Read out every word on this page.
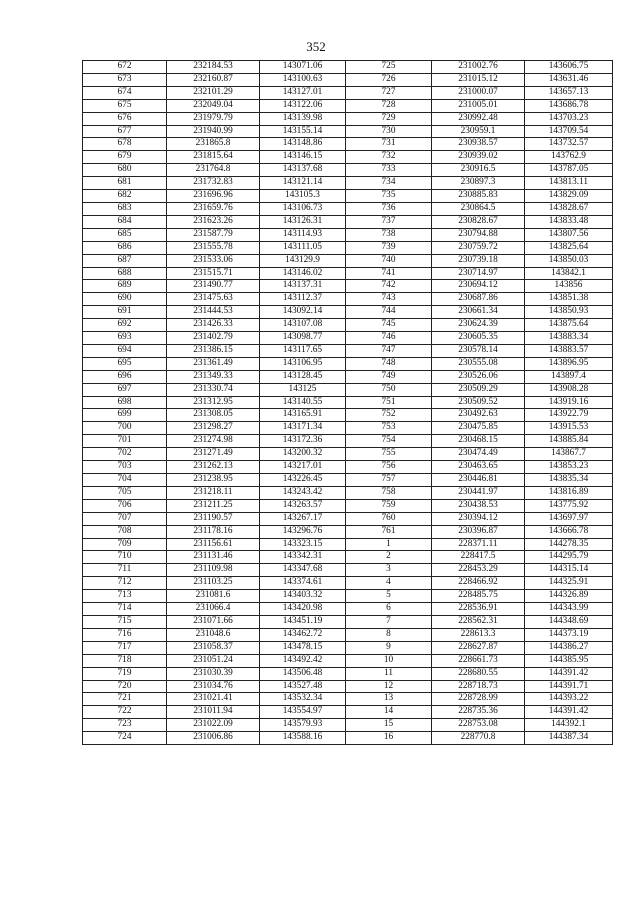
352
672	232184.53	143071.06	725	231002.76	143606.75
673	232160.87	143100.63	726	231015.12	143631.46
674	232101.29	143127.01	727	231000.07	143657.13
675	232049.04	143122.06	728	231005.01	143686.78
676	231979.79	143139.98	729	230992.48	143703.23
677	231940.99	143155.14	730	230959.1	143709.54
678	231865.8	143148.86	731	230938.57	143732.57
679	231815.64	143146.15	732	230939.02	143762.9
680	231764.8	143137.68	733	230916.5	143787.05
681	231732.83	143121.14	734	230897.3	143813.11
682	231696.96	143105.3	735	230885.83	143829.09
683	231659.76	143106.73	736	230864.5	143828.67
684	231623.26	143126.31	737	230828.67	143833.48
685	231587.79	143114.93	738	230794.88	143807.56
686	231555.78	143111.05	739	230759.72	143825.64
687	231533.06	143129.9	740	230739.18	143850.03
688	231515.71	143146.02	741	230714.97	143842.1
689	231490.77	143137.31	742	230694.12	143856
690	231475.63	143112.37	743	230687.86	143851.38
691	231444.53	143092.14	744	230661.34	143850.93
692	231426.33	143107.08	745	230624.39	143875.64
693	231402.79	143098.77	746	230605.35	143883.34
694	231386.15	143117.65	747	230578.14	143883.57
695	231361.49	143106.95	748	230555.08	143896.95
696	231349.33	143128.45	749	230526.06	143897.4
697	231330.74	143125	750	230509.29	143908.28
698	231312.95	143140.55	751	230509.52	143919.16
699	231308.05	143165.91	752	230492.63	143922.79
700	231298.27	143171.34	753	230475.85	143915.53
701	231274.98	143172.36	754	230468.15	143885.84
702	231271.49	143200.32	755	230474.49	143867.7
703	231262.13	143217.01	756	230463.65	143853.23
704	231238.95	143226.45	757	230446.81	143835.34
705	231218.11	143243.42	758	230441.97	143816.89
706	231211.25	143263.57	759	230438.53	143775.92
707	231190.57	143267.17	760	230394.12	143697.97
708	231178.16	143296.76	761	230396.87	143666.78
709	231156.61	143323.15	1	228371.11	144278.35
710	231131.46	143342.31	2	228417.5	144295.79
711	231109.98	143347.68	3	228453.29	144315.14
712	231103.25	143374.61	4	228466.92	144325.91
713	231081.6	143403.32	5	228485.75	144326.89
714	231066.4	143420.98	6	228536.91	144343.99
715	231071.66	143451.19	7	228562.31	144348.69
716	231048.6	143462.72	8	228613.3	144373.19
717	231058.37	143478.15	9	228627.87	144386.27
718	231051.24	143492.42	10	228661.73	144385.95
719	231030.39	143506.48	11	228680.55	144391.42
720	231034.76	143527.48	12	228718.73	144391.71
721	231021.41	143532.34	13	228728.99	144393.22
722	231011.94	143554.97	14	228735.36	144391.42
723	231022.09	143579.93	15	228753.08	144392.1
724	231006.86	143588.16	16	228770.8	144387.34
